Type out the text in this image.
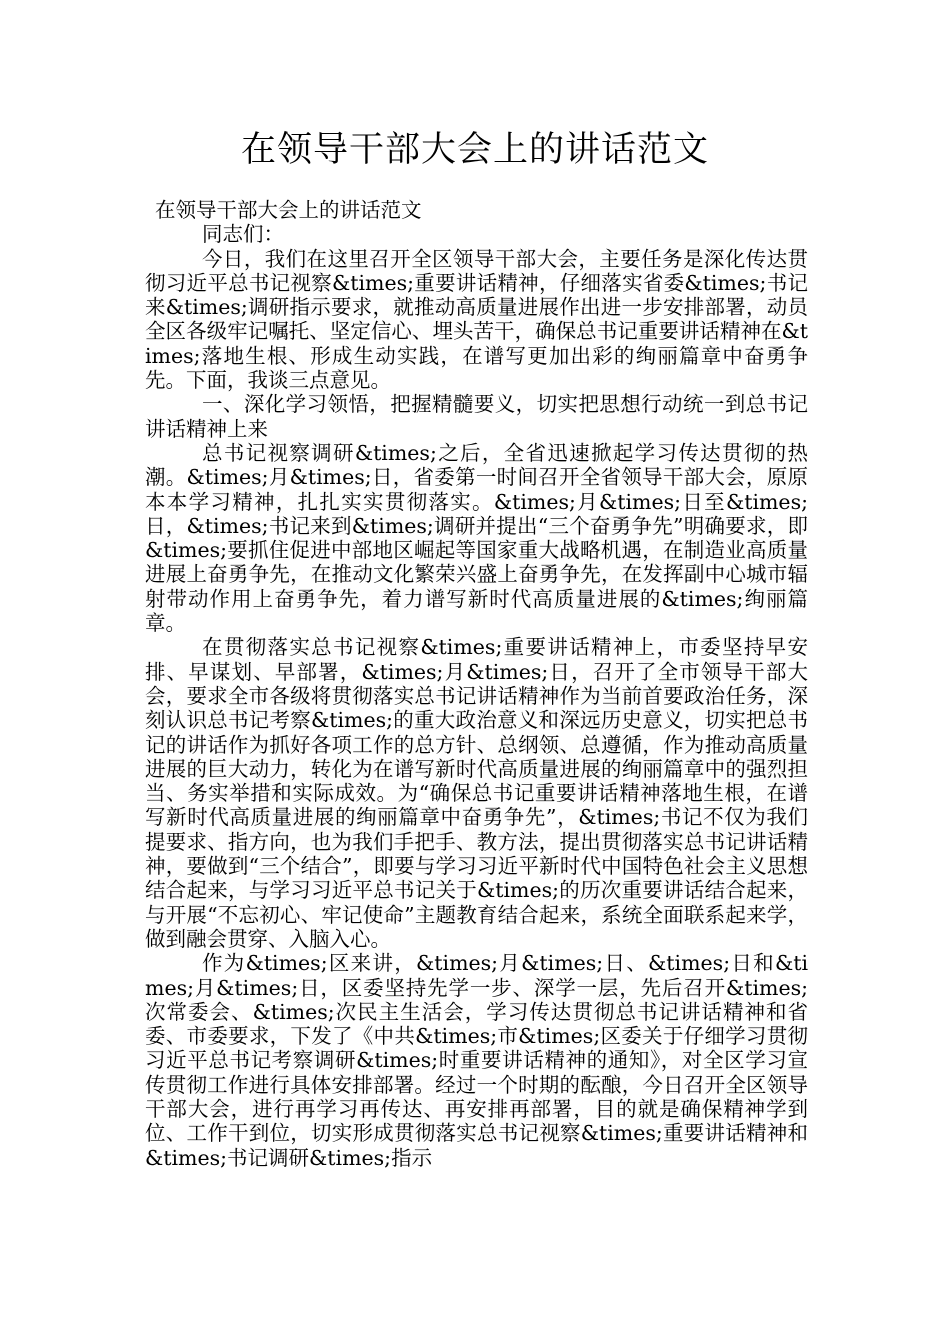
在领导干部大会上的讲话范文

在领导干部大会上的讲话范文

同志们：

今日，我们在这里召开全区领导干部大会，主要任务是深化传达贯彻习近平总书记视察&times;重要讲话精神，仔细落实省委&times;书记来&times;调研指示要求，就推动高质量进展作出进一步安排部署，动员全区各级牢记嘱托、坚定信心、埋头苦干，确保总书记重要讲话精神在&times;落地生根、形成生动实践，在谱写更加出彩的绚丽篇章中奋勇争先。下面，我谈三点意见。

一、深化学习领悟，把握精髓要义，切实把思想行动统一到总书记讲话精神上来

总书记视察调研&times;之后，全省迅速掀起学习传达贯彻的热潮。&times;月&times;日，省委第一时间召开全省领导干部大会，原原本本学习精神，扎扎实实贯彻落实。&times;月&times;日至&times;日，&times;书记来到&times;调研并提出“三个奋勇争先”明确要求，即&times;要抓住促进中部地区崛起等国家重大战略机遇，在制造业高质量进展上奋勇争先，在推动文化繁荣兴盛上奋勇争先，在发挥副中心城市辐射带动作用上奋勇争先，着力谱写新时代高质量进展的&times;绚丽篇章。

在贯彻落实总书记视察&times;重要讲话精神上，市委坚持早安排、早谋划、早部署，&times;月&times;日，召开了全市领导干部大会，要求全市各级将贯彻落实总书记讲话精神作为当前首要政治任务，深刻认识总书记考察&times;的重大政治意义和深远历史意义，切实把总书记的讲话作为抓好各项工作的总方针、总纲领、总遵循，作为推动高质量进展的巨大动力，转化为在谱写新时代高质量进展的绚丽篇章中的强烈担当、务实举措和实际成效。为“确保总书记重要讲话精神落地生根，在谱写新时代高质量进展的绚丽篇章中奋勇争先”，&times;书记不仅为我们提要求、指方向，也为我们手把手、教方法，提出贯彻落实总书记讲话精神，要做到“三个结合”，即要与学习习近平新时代中国特色社会主义思想结合起来，与学习习近平总书记关于&times;的历次重要讲话结合起来，与开展“不忘初心、牢记使命”主题教育结合起来，系统全面联系起来学，做到融会贯穿、入脑入心。

作为&times;区来讲，&times;月&times;日、&times;日和&times;月&times;日，区委坚持先学一步、深学一层，先后召开&times;次常委会、&times;次民主生活会，学习传达贯彻总书记讲话精神和省委、市委要求，下发了《中共&times;市&times;区委关于仔细学习贯彻习近平总书记考察调研&times;时重要讲话精神的通知》，对全区学习宣传贯彻工作进行具体安排部署。经过一个时期的酝酿，今日召开全区领导干部大会，进行再学习再传达、再安排再部署，目的就是确保精神学到位、工作干到位，切实形成贯彻落实总书记视察&times;重要讲话精神和&times;书记调研&times;指示
